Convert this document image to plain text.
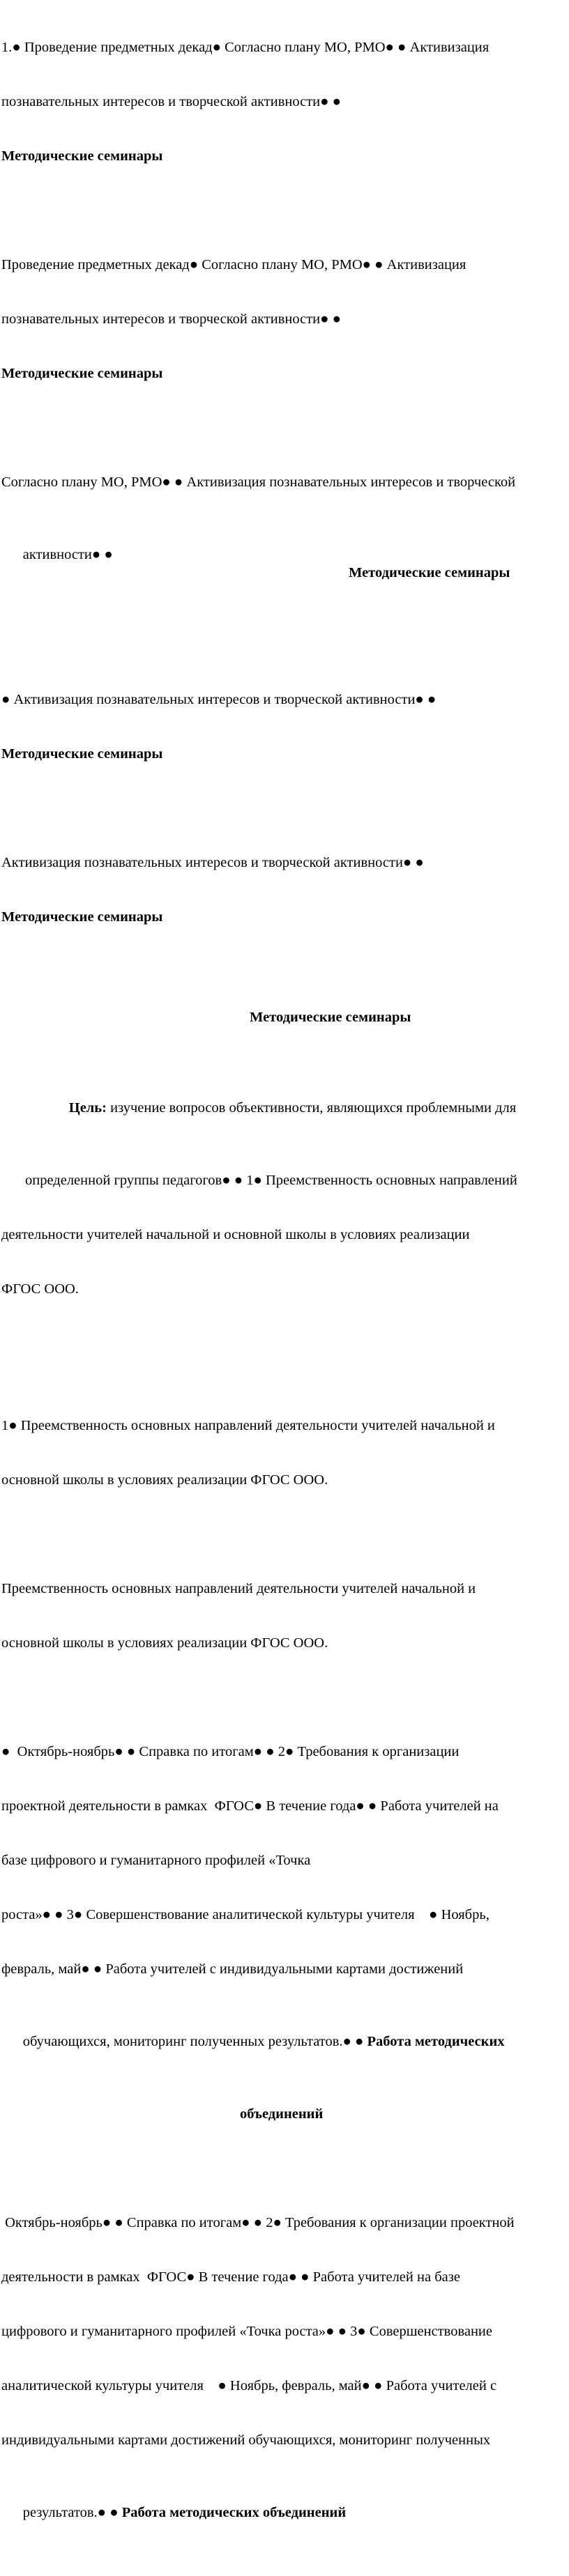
1.● Проведение предметных декад● Согласно плану МО, РМО● ● Активизация

познавательных интересов и творческой активности● ●

Методические семинары

Проведение предметных декад● Согласно плану МО, РМО● ● Активизация

познавательных интересов и творческой активности● ●

Методические семинары

Согласно плану МО, РМО● ● Активизация познавательных интересов и творческой

активности● ●

Методические семинары

● Активизация познавательных интересов и творческой активности● ●

Методические семинары

Активизация познавательных интересов и творческой активности● ●

Методические семинары

Методические семинары

Цель: изучение вопросов объективности, являющихся проблемными для

определенной группы педагогов● ● 1● Преемственность основных направлений

деятельности учителей начальной и основной школы в условиях реализации

ФГОС ООО.

1● Преемственность основных направлений деятельности учителей начальной и

основной школы в условиях реализации ФГОС ООО.

Преемственность основных направлений деятельности учителей начальной и

основной школы в условиях реализации ФГОС ООО.

●  Октябрь-ноябрь● ● Справка по итогам● ● 2● Требования к организации

проектной деятельности в рамках  ФГОС● В течение года● ● Работа учителей на

базе цифрового и гуманитарного профилей «Точка

роста»● ● 3● Совершенствование аналитической культуры учителя    ● Ноябрь,

февраль, май● ● Работа учителей с индивидуальными картами достижений

обучающихся, мониторинг полученных результатов.● ● Работа методических

объединений

Октябрь-ноябрь● ● Справка по итогам● ● 2● Требования к организации проектной

деятельности в рамках  ФГОС● В течение года● ● Работа учителей на базе

цифрового и гуманитарного профилей «Точка роста»● ● 3● Совершенствование

аналитической культуры учителя    ● Ноябрь, февраль, май● ● Работа учителей с

индивидуальными картами достижений обучающихся, мониторинг полученных

результатов.● ● Работа методических объединений
